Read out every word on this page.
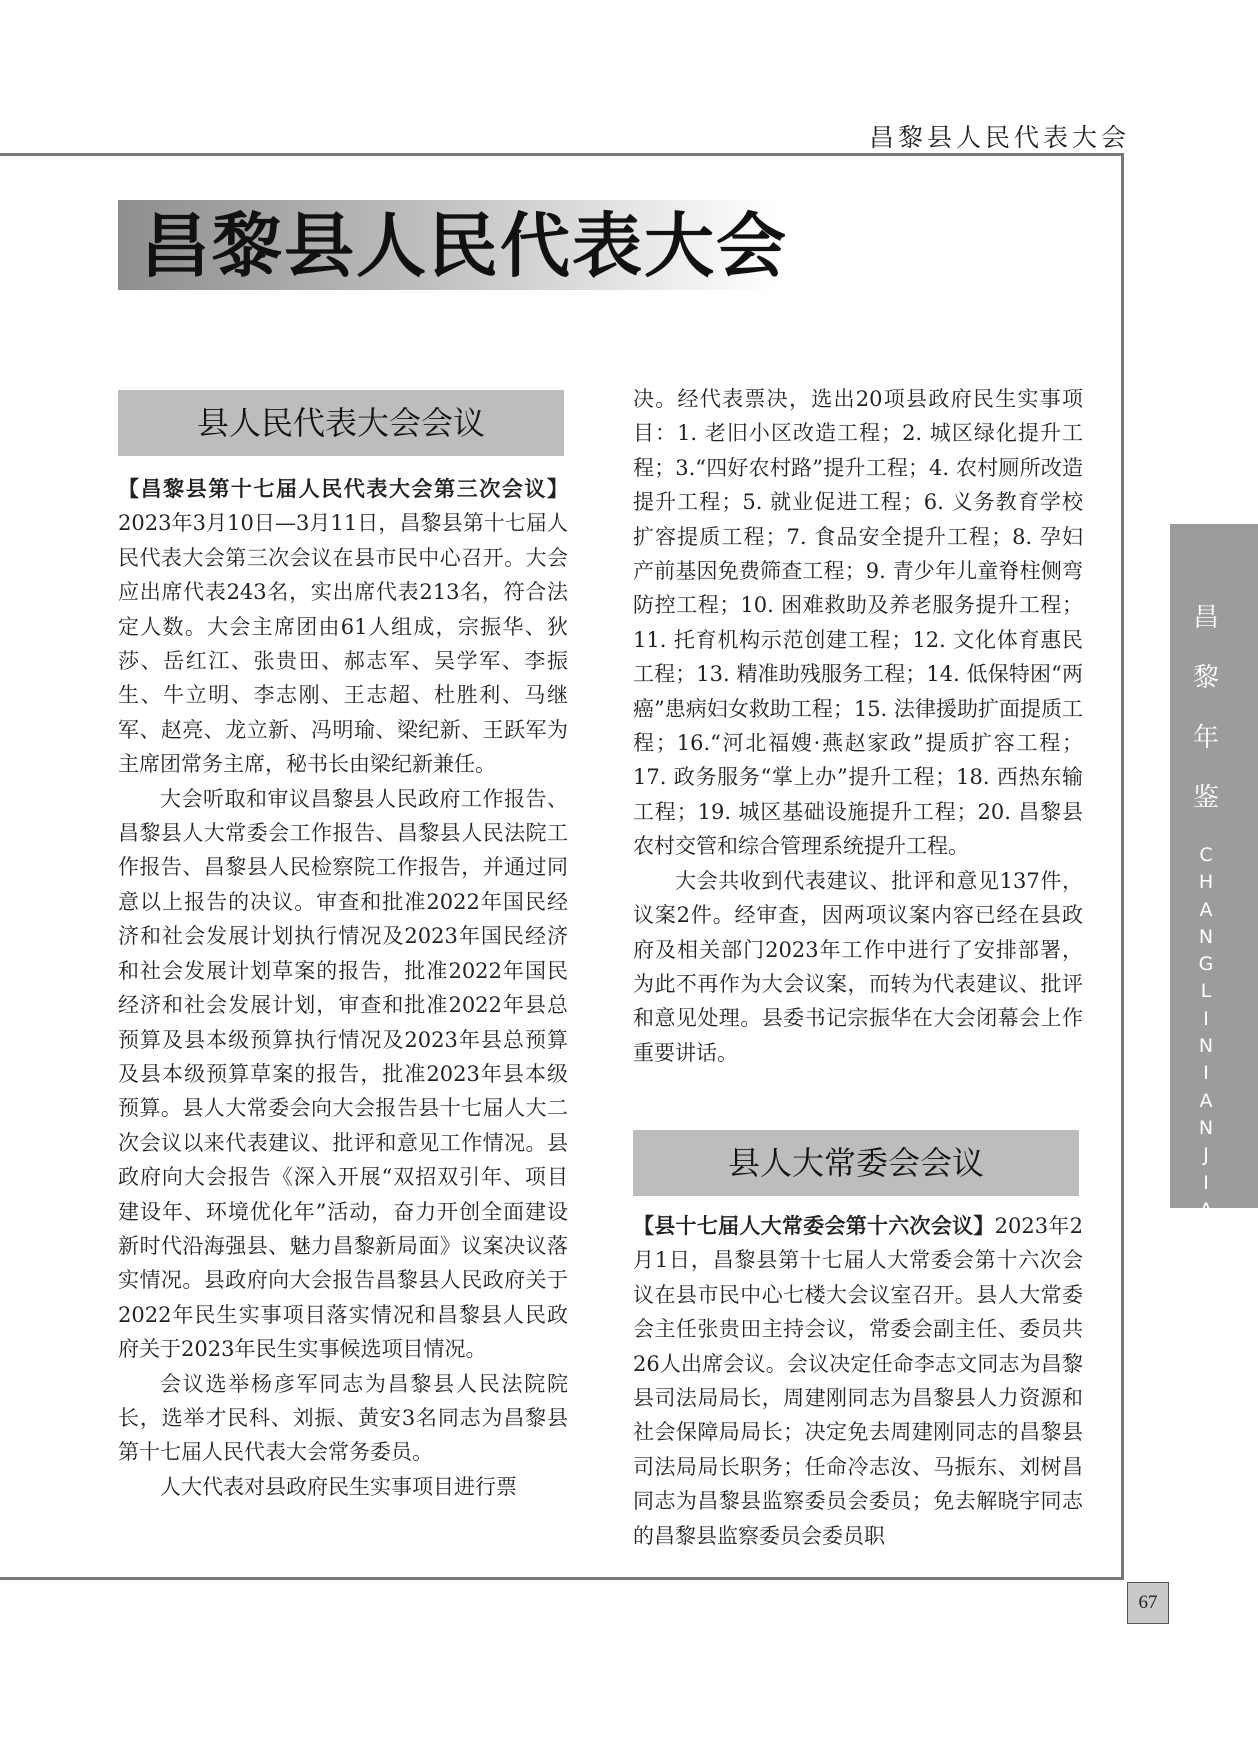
昌黎县人民代表大会
昌黎县人民代表大会
县人民代表大会会议

【昌黎县第十七届人民代表大会第三次会议】2023年3月10日—3月11日，昌黎县第十七届人民代表大会第三次会议在县市民中心召开。大会应出席代表243名，实出席代表213名，符合法定人数。大会主席团由61人组成，宗振华、狄莎、岳红江、张贵田、郝志军、吴学军、李振生、牛立明、李志刚、王志超、杜胜利、马继军、赵亮、龙立新、冯明瑜、梁纪新、王跃军为主席团常务主席，秘书长由梁纪新兼任。

大会听取和审议昌黎县人民政府工作报告、昌黎县人大常委会工作报告、昌黎县人民法院工作报告、昌黎县人民检察院工作报告，并通过同意以上报告的决议。审查和批准2022年国民经济和社会发展计划执行情况及2023年国民经济和社会发展计划草案的报告，批准2022年国民经济和社会发展计划，审查和批准2022年县总预算及县本级预算执行情况及2023年县总预算及县本级预算草案的报告，批准2023年县本级预算。县人大常委会向大会报告县十七届人大二次会议以来代表建议、批评和意见工作情况。县政府向大会报告《深入开展“双招双引年、项目建设年、环境优化年”活动，奋力开创全面建设新时代沿海强县、魅力昌黎新局面》议案决议落实情况。县政府向大会报告昌黎县人民政府关于2022年民生实事项目落实情况和昌黎县人民政府关于2023年民生实事候选项目情况。

会议选举杨彦军同志为昌黎县人民法院院长，选举才民科、刘振、黄安3名同志为昌黎县第十七届人民代表大会常务委员。

人大代表对县政府民生实事项目进行票

决。经代表票决，选出20项县政府民生实事项目：1. 老旧小区改造工程；2. 城区绿化提升工程；3.“四好农村路”提升工程；4. 农村厕所改造提升工程；5. 就业促进工程；6. 义务教育学校扩容提质工程；7. 食品安全提升工程；8. 孕妇产前基因免费筛查工程；9. 青少年儿童脊柱侧弯防控工程；10. 困难救助及养老服务提升工程；11. 托育机构示范创建工程；12. 文化体育惠民工程；13. 精准助残服务工程；14. 低保特困“两癌”患病妇女救助工程；15. 法律援助扩面提质工程；16.“河北福嫂·燕赵家政”提质扩容工程；17. 政务服务“掌上办”提升工程；18. 西热东输工程；19. 城区基础设施提升工程；20. 昌黎县农村交管和综合管理系统提升工程。

大会共收到代表建议、批评和意见137件，议案2件。经审查，因两项议案内容已经在县政府及相关部门2023年工作中进行了安排部署，为此不再作为大会议案，而转为代表建议、批评和意见处理。县委书记宗振华在大会闭幕会上作重要讲话。

县人大常委会会议

【县十七届人大常委会第十六次会议】2023年2月1日，昌黎县第十七届人大常委会第十六次会议在县市民中心七楼大会议室召开。县人大常委会主任张贵田主持会议，常委会副主任、委员共26人出席会议。会议决定任命李志文同志为昌黎县司法局局长，周建刚同志为昌黎县人力资源和社会保障局局长；决定免去周建刚同志的昌黎县司法局局长职务；任命冷志汝、马振东、刘树昌同志为昌黎县监察委员会委员；免去解晓宇同志的昌黎县监察委员会委员职

昌
黎
年
鉴
C
H
A
N
G
L
I
N
I
A
N
J
I
A
N
67
